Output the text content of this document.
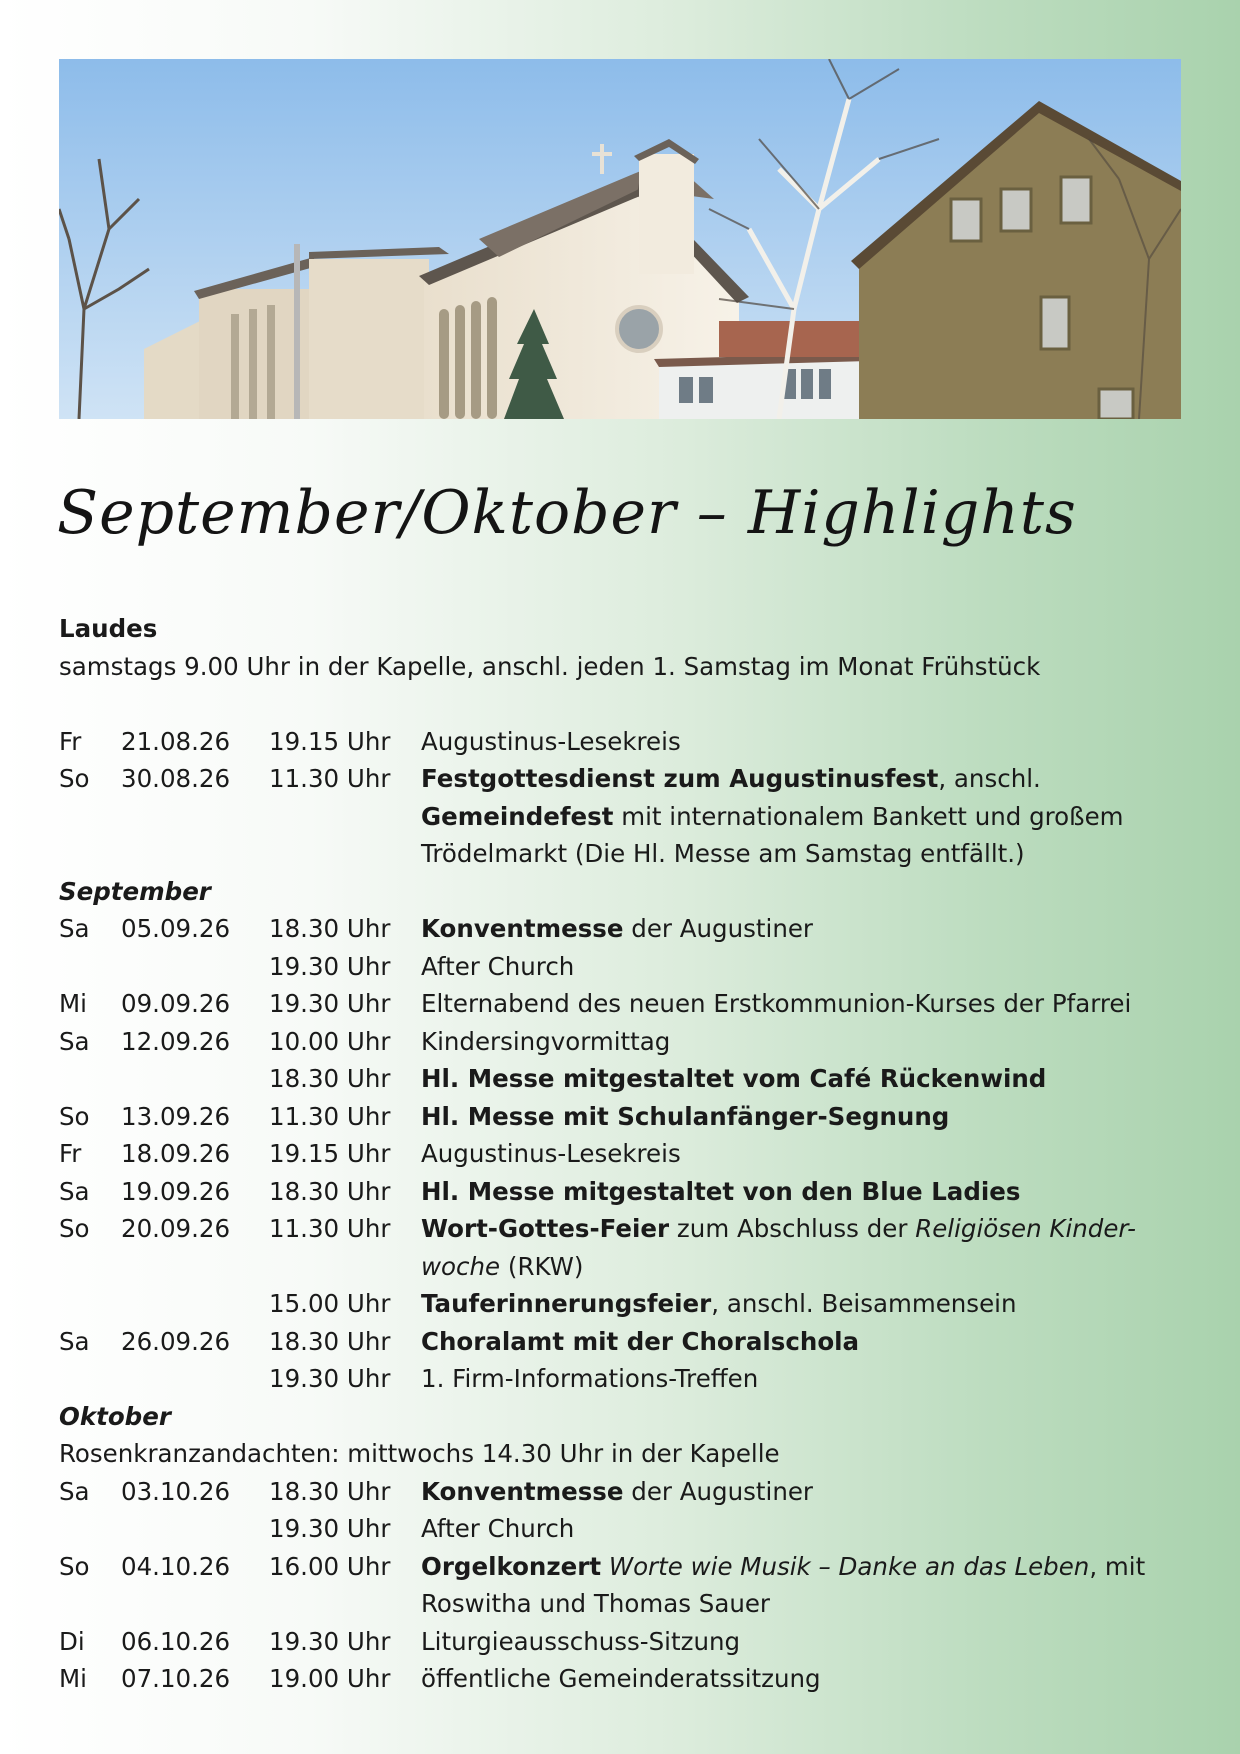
September/Oktober – Highlights
Laudes
samstags 9.00 Uhr in der Kapelle, anschl. jeden 1. Samstag im Monat Frühstück
Fr	21.08.26	19.15 Uhr	Augustinus-Lesekreis
So	30.08.26	11.30 Uhr	Festgottesdienst zum Augustinusfest, anschl. Gemeindefest mit internationalem Bankett und großem Trödelmarkt (Die Hl. Messe am Samstag entfällt.)
September
Sa	05.09.26	18.30 Uhr	Konventmesse der Augustiner
19.30 Uhr	After Church
Mi	09.09.26	19.30 Uhr	Elternabend des neuen Erstkommunion-Kurses der Pfarrei
Sa	12.09.26	10.00 Uhr	Kindersingvormittag
18.30 Uhr	Hl. Messe mitgestaltet vom Café Rückenwind
So	13.09.26	11.30 Uhr	Hl. Messe mit Schulanfänger-Segnung
Fr	18.09.26	19.15 Uhr	Augustinus-Lesekreis
Sa	19.09.26	18.30 Uhr	Hl. Messe mitgestaltet von den Blue Ladies
So	20.09.26	11.30 Uhr	Wort-Gottes-Feier zum Abschluss der Religiösen Kinder-woche (RKW)
15.00 Uhr	Tauferinnerungsfeier, anschl. Beisammensein
Sa	26.09.26	18.30 Uhr	Choralamt mit der Choralschola
19.30 Uhr	1. Firm-Informations-Treffen
Oktober
Rosenkranzandachten: mittwochs 14.30 Uhr in der Kapelle
Sa	03.10.26	18.30 Uhr	Konventmesse der Augustiner
19.30 Uhr	After Church
So	04.10.26	16.00 Uhr	Orgelkonzert Worte wie Musik – Danke an das Leben, mit Roswitha und Thomas Sauer
Di	06.10.26	19.30 Uhr	Liturgieausschuss-Sitzung
Mi	07.10.26	19.00 Uhr	öffentliche Gemeinderatssitzung
